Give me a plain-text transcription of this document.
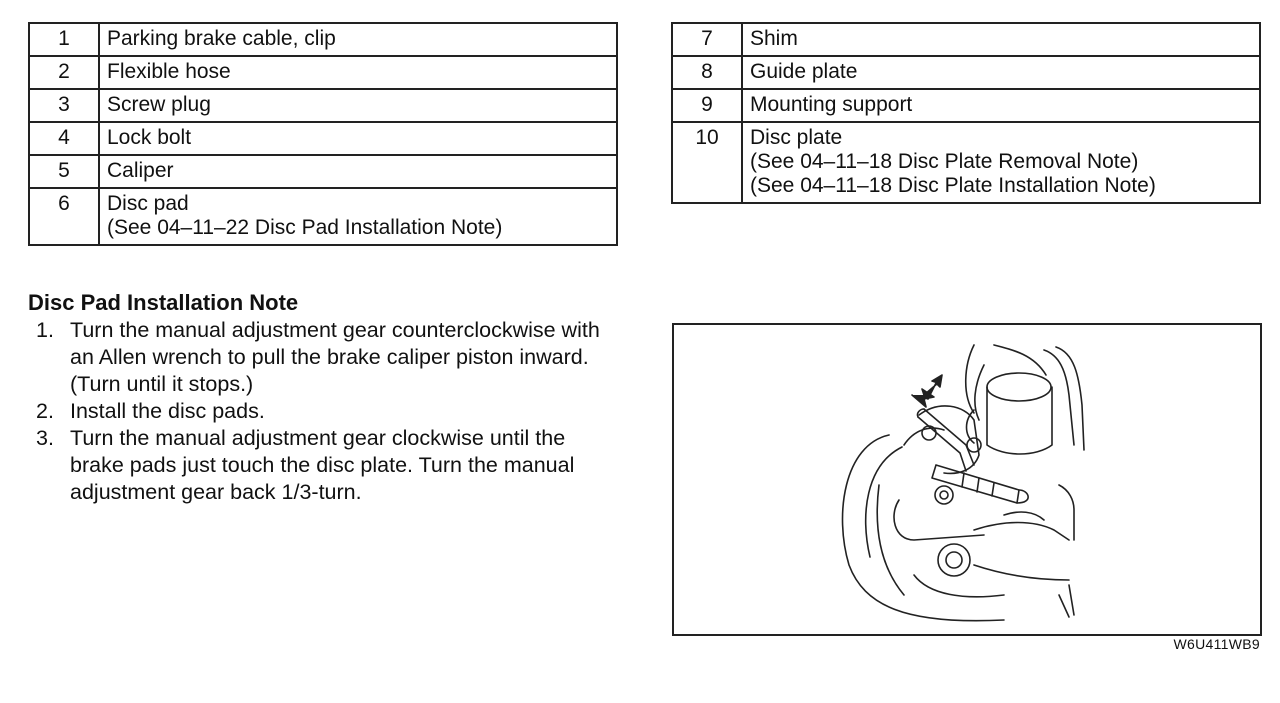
1	Parking brake cable, clip

2	Flexible hose

3	Screw plug

4	Lock bolt

5	Caliper

6	Disc pad
(See 04–11–22 Disc Pad Installation Note)
7	Shim

8	Guide plate

9	Mounting support

10	Disc plate
(See 04–11–18 Disc Plate Removal Note)
(See 04–11–18 Disc Plate Installation Note)
Disc Pad Installation Note
1. Turn the manual adjustment gear counterclockwise with an Allen wrench to pull the brake caliper piston inward. (Turn until it stops.)
2. Install the disc pads.
3. Turn the manual adjustment gear clockwise until the brake pads just touch the disc plate. Turn the manual adjustment gear back 1/3-turn.
W6U411WB9
